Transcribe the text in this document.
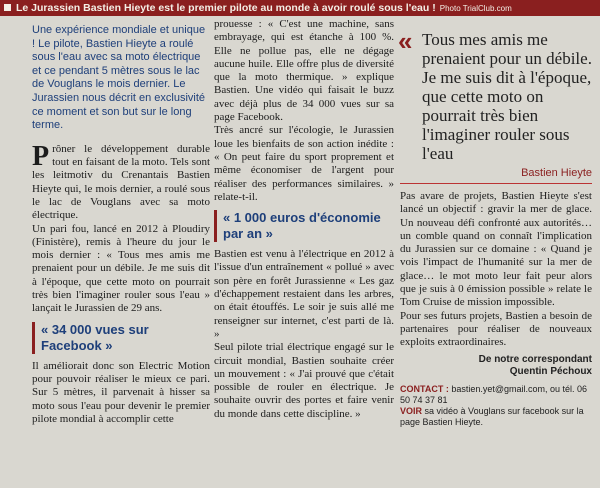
Le Jurassien Bastien Hieyte est le premier pilote au monde à avoir roulé sous l'eau ! Photo TrialClub.com
Une expérience mondiale et unique ! Le pilote, Bastien Hieyte a roulé sous l'eau avec sa moto électrique et ce pendant 5 mètres sous le lac de Vouglans le mois dernier. Le Jurassien nous décrit en exclusivité ce moment et son but sur le long terme.

Prôner le développement durable tout en faisant de la moto. Tels sont les leitmotiv du Crenantais Bastien Hieyte qui, le mois dernier, a roulé sous le lac de Vouglans avec sa moto électrique.

Un pari fou, lancé en 2012 à Ploudiry (Finistère), remis à l'heure du jour le mois dernier : « Tous mes amis me prenaient pour un débile. Je me suis dit à l'époque, que cette moto on pourrait très bien l'imaginer rouler sous l'eau » lançait le Jurassien de 29 ans.

« 34 000 vues sur Facebook »

Il améliorait donc son Electric Motion pour pouvoir réaliser le mieux ce pari. Sur 5 mètres, il parvenait à hisser sa moto sous l'eau pour devenir le premier pilote mondial à accomplir cette

prouesse : « C'est une machine, sans embrayage, qui est étanche à 100 %. Elle ne pollue pas, elle ne dégage aucune huile. Elle offre plus de diversité que la moto thermique. » explique Bastien. Une vidéo qui faisait le buzz avec déjà plus de 34 000 vues sur sa page Facebook.

Très ancré sur l'écologie, le Jurassien loue les bienfaits de son action inédite : « On peut faire du sport proprement et même économiser de l'argent pour réaliser des performances similaires. » relate-t-il.

« 1 000 euros d'économie par an »

Bastien est venu à l'électrique en 2012 à l'issue d'un entraînement « pollué » avec son père en forêt Jurassienne « Les gaz d'échappement restaient dans les arbres, on était étouffés. Le soir je suis allé me renseigner sur internet, c'est parti de là. »

Seul pilote trial électrique engagé sur le circuit mondial, Bastien souhaite créer un mouvement : « J'ai prouvé que c'était possible de rouler en électrique. Je souhaite ouvrir des portes et faire venir du monde dans cette discipline. »

« Tous mes amis me prenaient pour un débile. Je me suis dit à l'époque, que cette moto on pourrait très bien l'imaginer rouler sous l'eau
Bastien Hieyte

Pas avare de projets, Bastien Hieyte s'est lancé un objectif : gravir la mer de glace. Un nouveau défi confronté aux autorités… un comble quand on connaît l'implication du Jurassien sur ce domaine : « Quand je vois l'impact de l'humanité sur la mer de glace… le mot moto leur fait peur alors que je suis à 0 émission possible » relate le Tom Cruise de mission impossible.

Pour ses futurs projets, Bastien a besoin de partenaires pour réaliser de nouveaux exploits extraordinaires.

De notre correspondant
Quentin Péchoux
CONTACT : bastien.yet@gmail.com, ou tél. 06 50 74 37 81
VOIR sa vidéo à Vouglans sur facebook sur la page Bastien Hieyte.
